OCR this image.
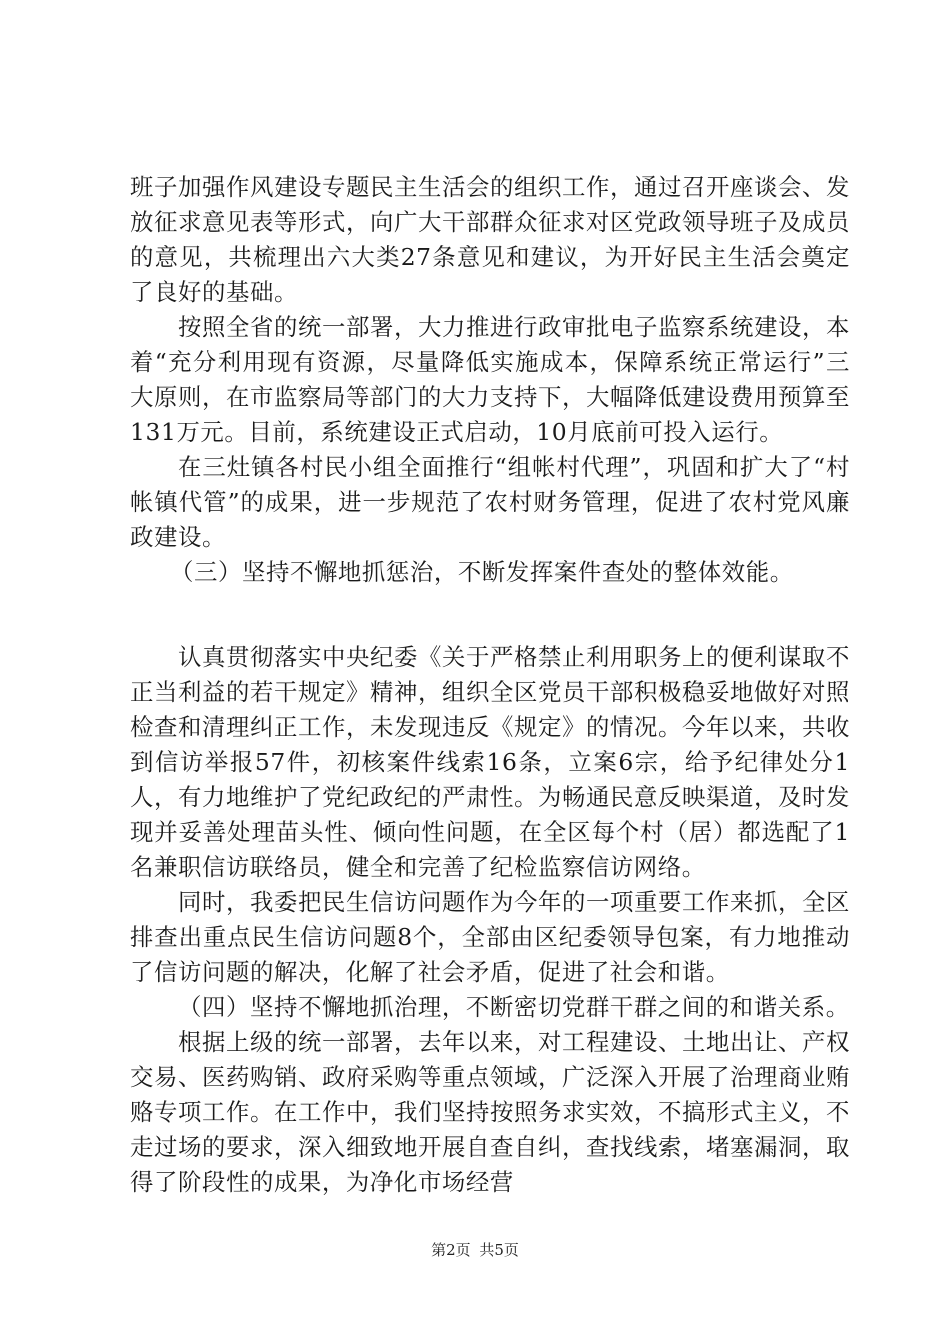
班子加强作风建设专题民主生活会的组织工作，通过召开座谈会、发放征求意见表等形式，向广大干部群众征求对区党政领导班子及成员的意见，共梳理出六大类27条意见和建议，为开好民主生活会奠定了良好的基础。

按照全省的统一部署，大力推进行政审批电子监察系统建设，本着“充分利用现有资源，尽量降低实施成本，保障系统正常运行”三大原则，在市监察局等部门的大力支持下，大幅降低建设费用预算至131万元。目前，系统建设正式启动，10月底前可投入运行。

在三灶镇各村民小组全面推行“组帐村代理”，巩固和扩大了“村帐镇代管”的成果，进一步规范了农村财务管理，促进了农村党风廉政建设。

（三）坚持不懈地抓惩治，不断发挥案件查处的整体效能。

认真贯彻落实中央纪委《关于严格禁止利用职务上的便利谋取不正当利益的若干规定》精神，组织全区党员干部积极稳妥地做好对照检查和清理纠正工作，未发现违反《规定》的情况。今年以来，共收到信访举报57件，初核案件线索16条，立案6宗，给予纪律处分1人，有力地维护了党纪政纪的严肃性。为畅通民意反映渠道，及时发现并妥善处理苗头性、倾向性问题，在全区每个村（居）都选配了1名兼职信访联络员，健全和完善了纪检监察信访网络。

同时，我委把民生信访问题作为今年的一项重要工作来抓，全区排查出重点民生信访问题8个，全部由区纪委领导包案，有力地推动了信访问题的解决，化解了社会矛盾，促进了社会和谐。

（四）坚持不懈地抓治理，不断密切党群干群之间的和谐关系。

根据上级的统一部署，去年以来，对工程建设、土地出让、产权交易、医药购销、政府采购等重点领域，广泛深入开展了治理商业贿赂专项工作。在工作中，我们坚持按照务求实效，不搞形式主义，不走过场的要求，深入细致地开展自查自纠，查找线索，堵塞漏洞，取得了阶段性的成果，为净化市场经营

第2页 共5页
